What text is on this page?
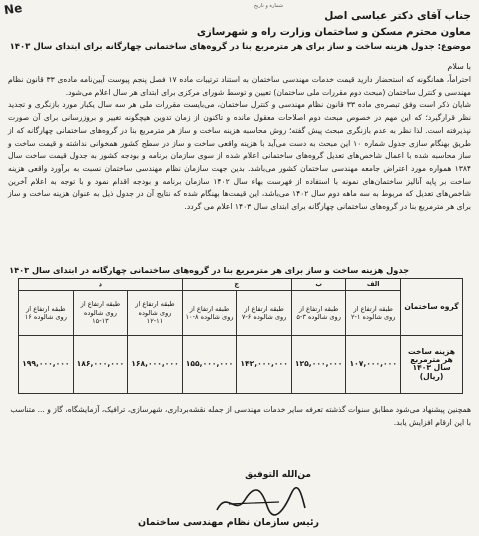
Ne	شماره و تاریخ
جناب آقای دکتر عباسی اصل
معاون محترم مسکن و ساختمان وزارت راه و شهرسازی
موضوع: جدول هزینه ساخت و ساز برای هر مترمربع بنا در گروه‌های ساختمانی چهارگانه برای ابتدای سال ۱۴۰۳
با سلام

احتراماً، همانگونه که استحضار دارید قیمت خدمات مهندسی ساختمان به استناد ترتیبات ماده ۱۷ فصل پنجم پیوست آیین‌نامه ماده‌ی ۳۳ قانون نظام مهندسی و کنترل ساختمان (مبحث دوم مقررات ملی ساختمان) تعیین و توسط شورای مرکزی برای ابتدای هر سال اعلام می‌شود.

شایان ذکر است وفق تبصره‌ی ماده ۳۳ قانون نظام مهندسی و کنترل ساختمان، می‌بایست مقررات ملی هر سه سال یکبار مورد بازنگری و تجدید نظر قرارگیرد؛ که این مهم در خصوص مبحث دوم اصلاحات معقول مانده و تاکنون از زمان تدوین هیچگونه تغییر و بروزرسانی برای آن صورت نپذیرفته است. لذا نظر به عدم بازنگری مبحث پیش گفته؛ روش محاسبه هزینه ساخت و ساز هر مترمربع بنا در گروه‌های ساختمانی چهارگانه که از طریق بهنگام سازی جدول شماره ۱۰ این مبحث به دست می‌آید با هزینه واقعی ساخت و ساز در سطح کشور همخوانی نداشته و قیمت ساخت و ساز محاسبه شده با اعمال شاخص‌های تعدیل گروه‌های ساختمانی اعلام شده از سوی سازمان برنامه و بودجه کشور به جدول قیمت ساخت سال ۱۳۸۴ همواره مورد اعتراض جامعه مهندسی ساختمان کشور می‌باشد. بدین جهت سازمان نظام مهندسی ساختمان نسبت به برآورد واقعی هزینه ساخت بر پایه آنالیز ساختمان‌های نمونه با استفاده از فهرست بهاء سال ۱۴۰۲ سازمان برنامه و بودجه اقدام نمود و با توجه به اعلام آخرین شاخص‌های تعدیل که مربوط به سه ماهه دوم سال ۱۴۰۲ می‌باشد، این قیمت‌ها بهنگام شده که نتایج آن در جدول ذیل به عنوان هزینه ساخت و ساز برای هر مترمربع بنا در گروه‌های ساختمانی چهارگانه برای ابتدای سال ۱۴۰۳ اعلام می گردد.

جدول هزینه ساخت و ساز برای هر مترمربع بنا در گروه‌های ساختمانی چهارگانه در ابتدای سال ۱۴۰۳
گروه ساختمان	الف	ب	ج		د		
	طبقه ارتفاع از روی شالوده ۱-۲	طبقه ارتفاع از روی شالوده ۳-۵	طبقه ارتفاع از روی شالوده ۶-۷	طبقه ارتفاع از روی شالوده ۸-۱۰	طبقه ارتفاع از روی شالوده ۱۱-۱۲	طبقه ارتفاع از روی شالوده ۱۳-۱۵	طبقه ارتفاع از روی شالوده ۱۶
هزینه ساخت هر مترمربع سال ۱۴۰۳ (ریال)	۱۰۷,۰۰۰,۰۰۰	۱۲۵,۰۰۰,۰۰۰	۱۴۲,۰۰۰,۰۰۰	۱۵۵,۰۰۰,۰۰۰	۱۶۸,۰۰۰,۰۰۰	۱۸۶,۰۰۰,۰۰۰	۱۹۹,۰۰۰,۰۰۰
همچنین پیشنهاد می‌شود مطابق سنوات گذشته تعرفه سایر خدمات مهندسی از جمله نقشه‌برداری، شهرسازی، ترافیک، آزمایشگاه، گاز و ... متناسب با این ارقام افزایش یابد.
من‌الله التوفیق
رئیس سازمان نظام مهندسی ساختمان
